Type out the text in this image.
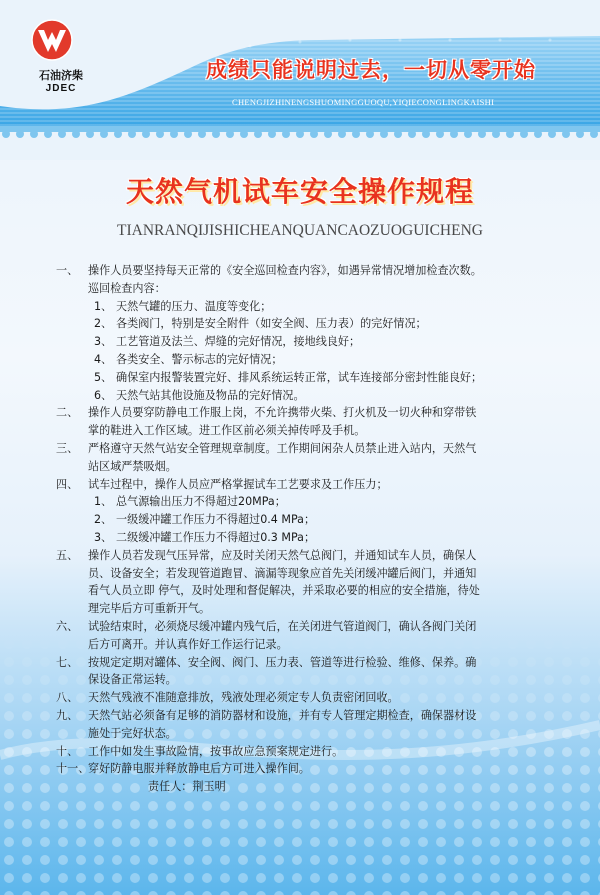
石油济柴
JDEC
成绩只能说明过去，一切从零开始
CHENGJIZHINENGSHUOMINGGUOQU,YIQIECONGLINGKAISHI
天然气机试车安全操作规程
TIANRANQIJISHICHEANQUANCAOZUOGUICHENG
一、 操作人员要坚持每天正常的《安全巡回检查内容》，如遇异常情况增加检查次数。
巡回检查内容：
1、 天然气罐的压力、温度等变化；
2、 各类阀门，特别是安全附件（如安全阀、压力表）的完好情况；
3、 工艺管道及法兰、焊缝的完好情况，接地线良好；
4、 各类安全、警示标志的完好情况；
5、 确保室内报警装置完好、排风系统运转正常，试车连接部分密封性能良好；
6、 天然气站其他设施及物品的完好情况。
二、 操作人员要穿防静电工作服上岗，不允许携带火柴、打火机及一切火种和穿带铁
掌的鞋进入工作区域。进工作区前必须关掉传呼及手机。
三、 严格遵守天然气站安全管理规章制度。工作期间闲杂人员禁止进入站内，天然气
站区域严禁吸烟。
四、 试车过程中，操作人员应严格掌握试车工艺要求及工作压力；
1、 总气源输出压力不得超过20MPa；
2、 一级缓冲罐工作压力不得超过0.4 MPa；
3、 二级缓冲罐工作压力不得超过0.3 MPa；
五、 操作人员若发现气压异常，应及时关闭天然气总阀门，并通知试车人员，确保人
员、设备安全；若发现管道跑冒、滴漏等现象应首先关闭缓冲罐后阀门，并通知
看气人员立即 停气，及时处理和督促解决，并采取必要的相应的安全措施，待处
理完毕后方可重新开气。
六、 试验结束时，必须烧尽缓冲罐内残气后，在关闭进气管道阀门，确认各阀门关闭
后方可离开。并认真作好工作运行记录。
七、 按规定定期对罐体、安全阀、阀门、压力表、管道等进行检验、维修、保养。确
保设备正常运转。
八、 天然气残液不准随意排放，残液处理必须定专人负责密闭回收。
九、 天然气站必须备有足够的消防器材和设施，并有专人管理定期检查，确保器材设
施处于完好状态。
十、 工作中如发生事故险情，按事故应急预案规定进行。
十一、
穿好防静电服并释放静电后方可进入操作间。
责任人：荆玉明
